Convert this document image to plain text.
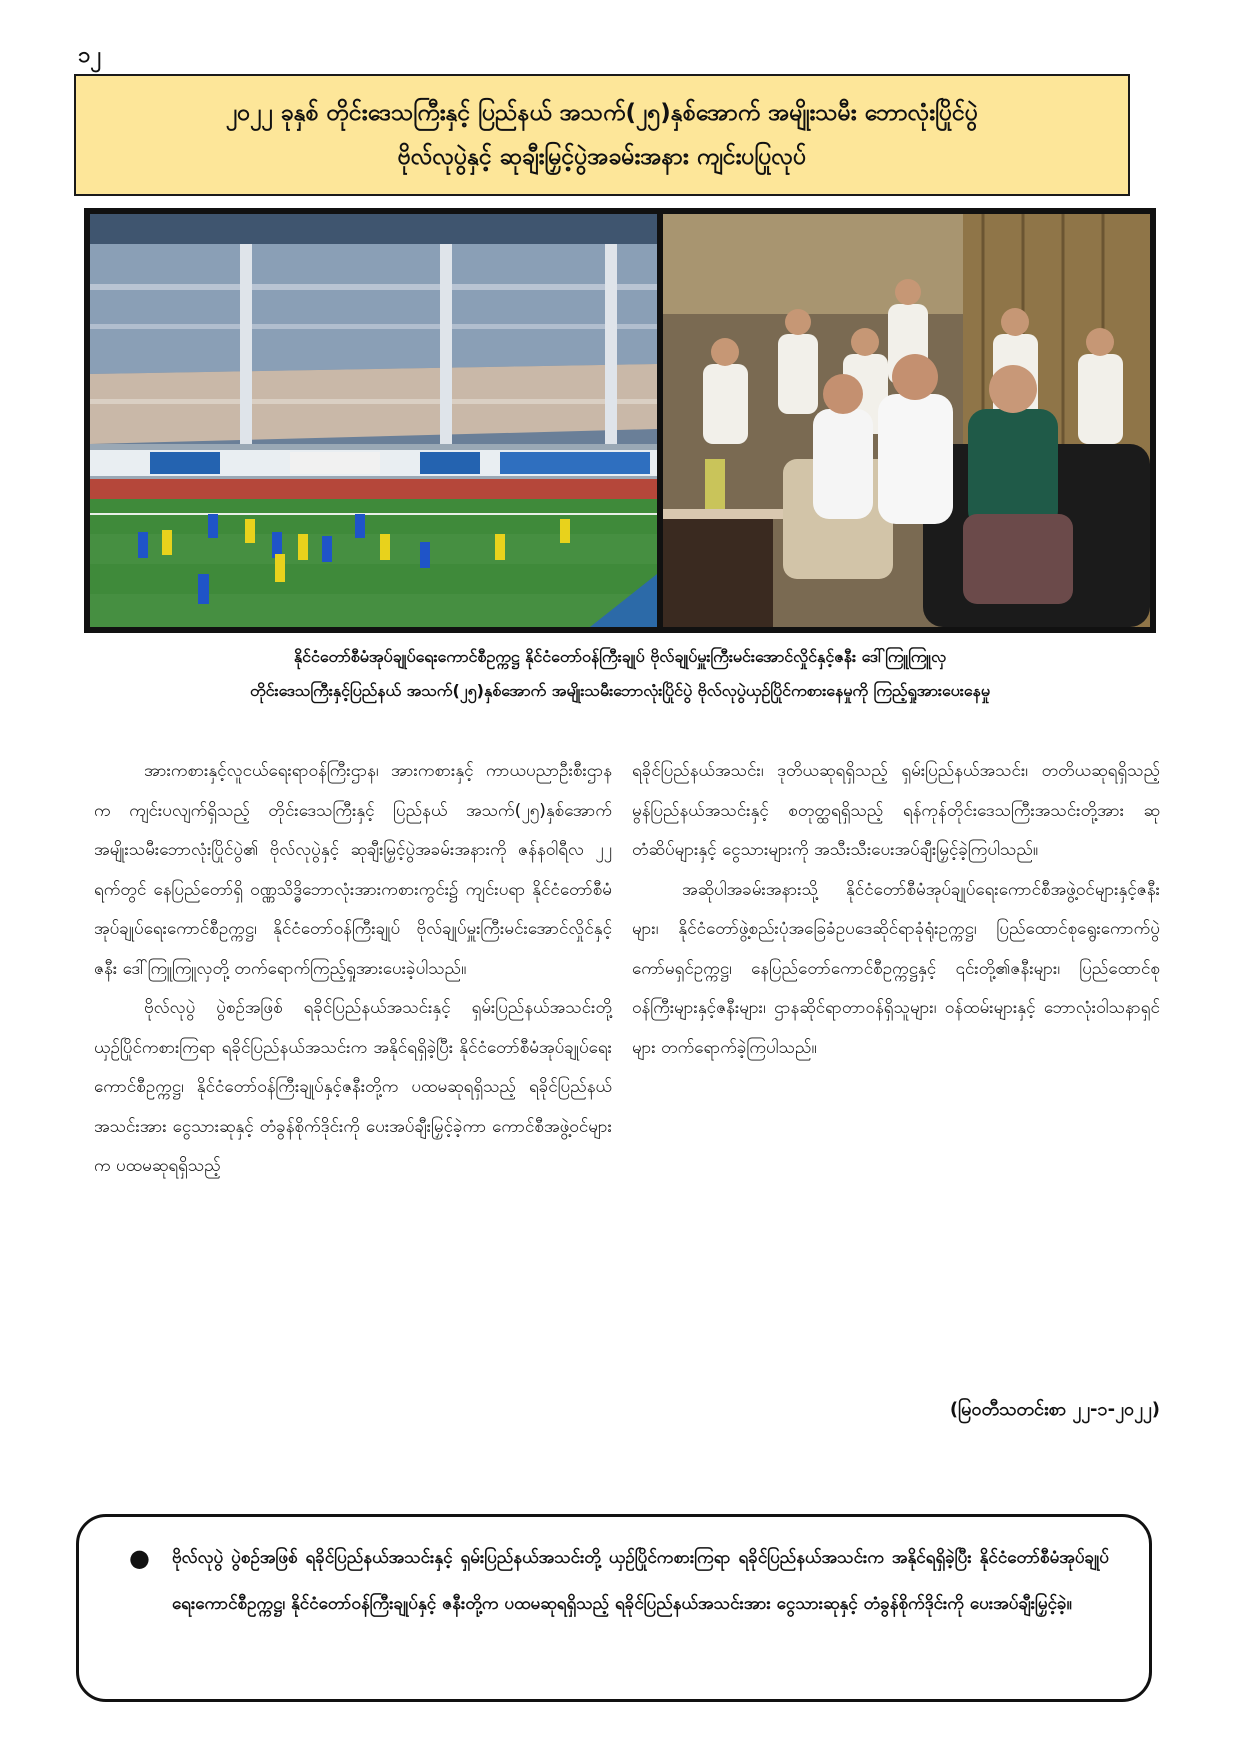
၁၂
၂၀၂၂ ခုနှစ် တိုင်းဒေသကြီးနှင့် ပြည်နယ် အသက်(၂၅)နှစ်အောက် အမျိုးသမီး ဘောလုံးပြိုင်ပွဲ
ဗိုလ်လုပွဲနှင့် ဆုချီးမြှင့်ပွဲအခမ်းအနား ကျင်းပပြုလုပ်
နိုင်ငံတော်စီမံအုပ်ချုပ်ရေးကောင်စီဥက္ကဋ္ဌ နိုင်ငံတော်ဝန်ကြီးချုပ် ဗိုလ်ချုပ်မှူးကြီးမင်းအောင်လှိုင်နှင့်ဇနီး ဒေါ်ကြူကြူလှ
တိုင်းဒေသကြီးနှင့်ပြည်နယ် အသက်(၂၅)နှစ်အောက် အမျိုးသမီးဘောလုံးပြိုင်ပွဲ ဗိုလ်လုပွဲယှဉ်ပြိုင်ကစားနေမှုကို ကြည့်ရှုအားပေးနေမှု

အားကစားနှင့်လူငယ်ရေးရာဝန်ကြီးဌာန၊ အားကစားနှင့် ကာယပညာဦးစီးဌာနက ကျင်းပလျက်ရှိသည့် တိုင်းဒေသကြီးနှင့် ပြည်နယ် အသက်(၂၅)နှစ်အောက် အမျိုးသမီးဘောလုံးပြိုင်ပွဲ၏ ဗိုလ်လုပွဲနှင့် ဆုချီးမြှင့်ပွဲအခမ်းအနားကို ဇန်နဝါရီလ ၂၂ ရက်တွင် နေပြည်တော်ရှိ ဝဏ္ဏသိဒ္ဓိဘောလုံးအားကစားကွင်း၌ ကျင်းပရာ နိုင်ငံတော်စီမံအုပ်ချုပ်ရေးကောင်စီဥက္ကဋ္ဌ၊ နိုင်ငံတော်ဝန်ကြီးချုပ် ဗိုလ်ချုပ်မှူးကြီးမင်းအောင်လှိုင်နှင့်ဇနီး ဒေါ်ကြူကြူလှတို့ တက်ရောက်ကြည့်ရှုအားပေးခဲ့ပါသည်။

ဗိုလ်လုပွဲ ပွဲစဉ်အဖြစ် ရခိုင်ပြည်နယ်အသင်းနှင့် ရှမ်းပြည်နယ်အသင်းတို့ ယှဉ်ပြိုင်ကစားကြရာ ရခိုင်ပြည်နယ်အသင်းက အနိုင်ရရှိခဲ့ပြီး နိုင်ငံတော်စီမံအုပ်ချုပ်ရေးကောင်စီဥက္ကဋ္ဌ၊ နိုင်ငံတော်ဝန်ကြီးချုပ်နှင့်ဇနီးတို့က ပထမဆုရရှိသည့် ရခိုင်ပြည်နယ်အသင်းအား ငွေသားဆုနှင့် တံခွန်စိုက်ဒိုင်းကို ပေးအပ်ချီးမြှင့်ခဲ့ကာ ကောင်စီအဖွဲ့ဝင်များက ပထမဆုရရှိသည့်

ရခိုင်ပြည်နယ်အသင်း၊ ဒုတိယဆုရရှိသည့် ရှမ်းပြည်နယ်အသင်း၊ တတိယဆုရရှိသည့် မွန်ပြည်နယ်အသင်းနှင့် စတုတ္ထရရှိသည့် ရန်ကုန်တိုင်းဒေသကြီးအသင်းတို့အား ဆုတံဆိပ်များနှင့် ငွေသားများကို အသီးသီးပေးအပ်ချီးမြှင့်ခဲ့ကြပါသည်။

အဆိုပါအခမ်းအနားသို့ နိုင်ငံတော်စီမံအုပ်ချုပ်ရေးကောင်စီအဖွဲ့ဝင်များနှင့်ဇနီးများ၊ နိုင်ငံတော်ဖွဲ့စည်းပုံအခြေခံဥပဒေဆိုင်ရာခုံရုံးဥက္ကဋ္ဌ၊ ပြည်ထောင်စုရွေးကောက်ပွဲကော်မရှင်ဥက္ကဋ္ဌ၊ နေပြည်တော်ကောင်စီဥက္ကဋ္ဌနှင့် ၎င်းတို့၏ဇနီးများ၊ ပြည်ထောင်စုဝန်ကြီးများနှင့်ဇနီးများ၊ ဌာနဆိုင်ရာတာဝန်ရှိသူများ၊ ဝန်ထမ်းများနှင့် ဘောလုံးဝါသနာရှင်များ တက်ရောက်ခဲ့ကြပါသည်။

(မြဝတီသတင်းစာ ၂၂-၁-၂၀၂၂)
● ဗိုလ်လုပွဲ ပွဲစဉ်အဖြစ် ရခိုင်ပြည်နယ်အသင်းနှင့် ရှမ်းပြည်နယ်အသင်းတို့ ယှဉ်ပြိုင်ကစားကြရာ ရခိုင်ပြည်နယ်အသင်းက အနိုင်ရရှိခဲ့ပြီး နိုင်ငံတော်စီမံအုပ်ချုပ်ရေးကောင်စီဥက္ကဋ္ဌ၊ နိုင်ငံတော်ဝန်ကြီးချုပ်နှင့် ဇနီးတို့က ပထမဆုရရှိသည့် ရခိုင်ပြည်နယ်အသင်းအား ငွေသားဆုနှင့် တံခွန်စိုက်ဒိုင်းကို ပေးအပ်ချီးမြှင့်ခဲ့။
